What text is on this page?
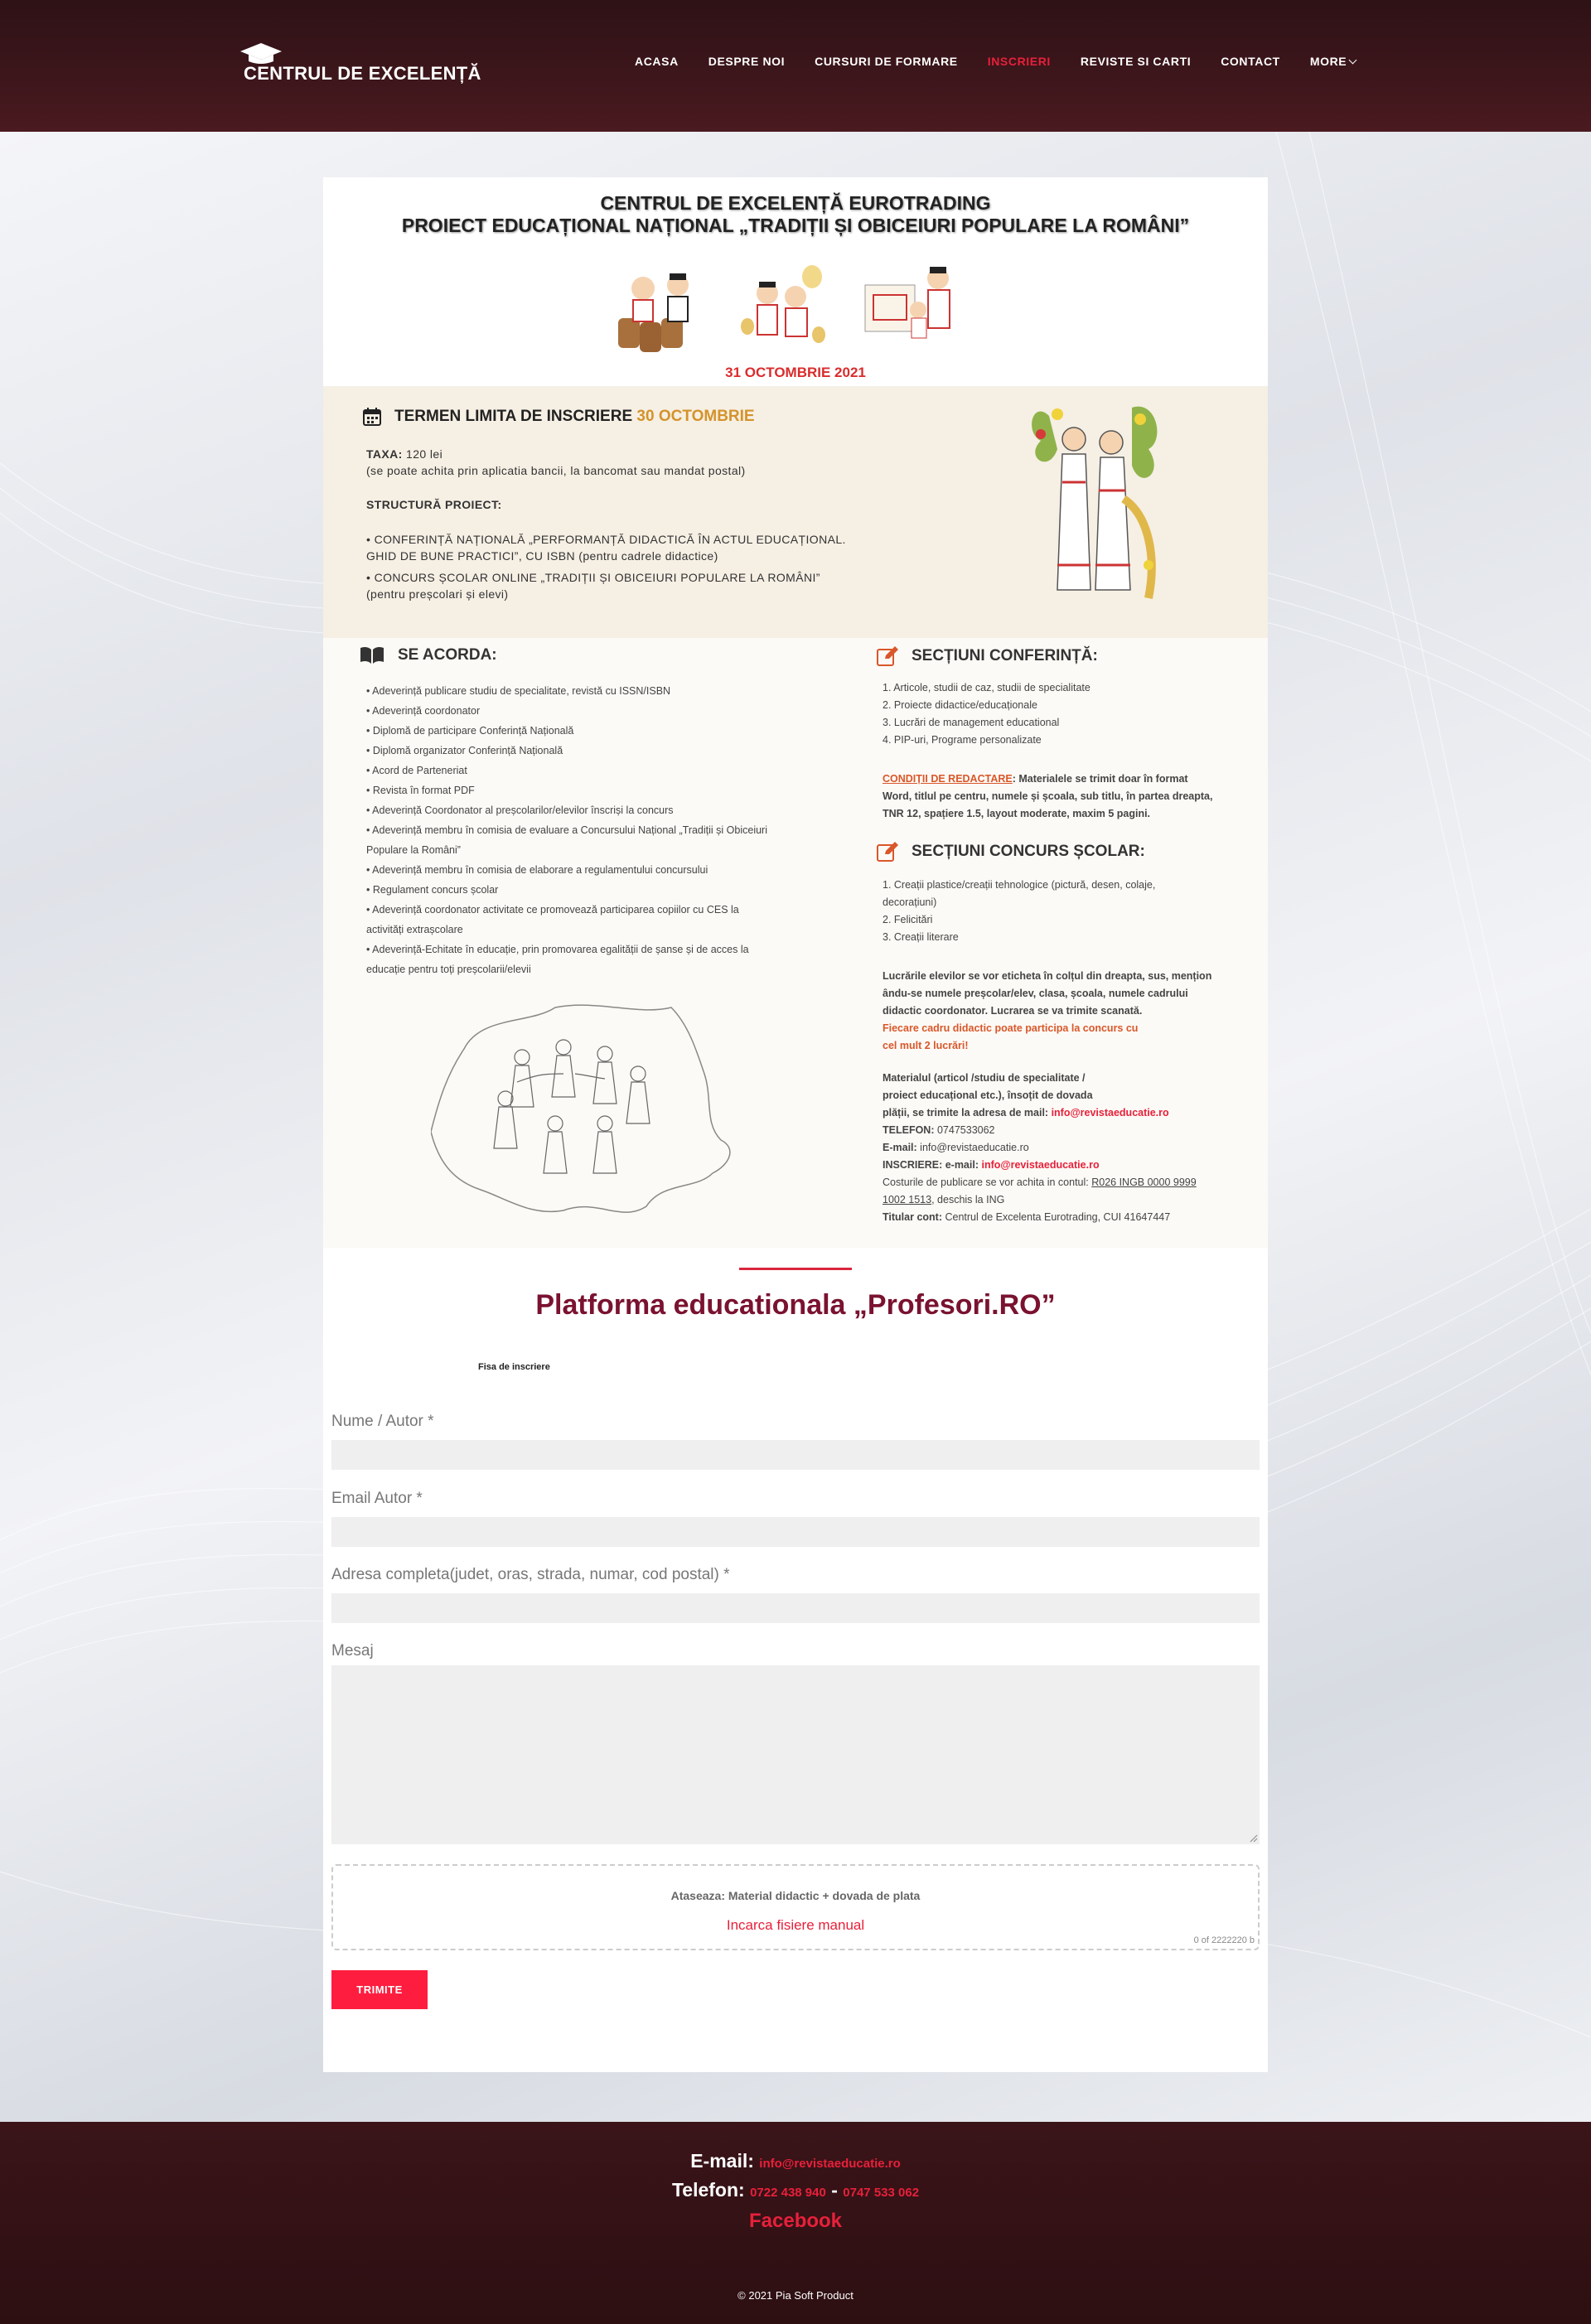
CENTRUL DE EXCELENȚĂ
ACASA	DESPRE NOI	CURSURI DE FORMARE	INSCRIERI	REVISTE SI CARTI	CONTACT	MORE
CENTRUL DE EXCELENȚĂ EUROTRADING
PROIECT EDUCAȚIONAL NAȚIONAL „TRADIȚII ȘI OBICEIURI POPULARE LA ROMÂNI”
31 OCTOMBRIE 2021
TERMEN LIMITA DE INSCRIERE 30 OCTOMBRIE
TAXA: 120 lei
(se poate achita prin aplicatia bancii, la bancomat sau mandat postal)
STRUCTURĂ PROIECT:
• CONFERINȚĂ NAȚIONALĂ „PERFORMANȚĂ DIDACTICĂ ÎN ACTUL EDUCAȚIONAL.
GHID DE BUNE PRACTICI”, CU ISBN (pentru cadrele didactice)
• CONCURS ȘCOLAR ONLINE „TRADIȚII ȘI OBICEIURI POPULARE LA ROMÂNI”
(pentru preșcolari și elevi)
SE ACORDA:
• Adeverință publicare studiu de specialitate, revistă cu ISSN/ISBN
• Adeverință coordonator
• Diplomă de participare Conferință Națională
• Diplomă organizator Conferință Națională
• Acord de Parteneriat
• Revista în format PDF
• Adeverință Coordonator al preșcolarilor/elevilor înscriși la concurs
• Adeverință membru în comisia de evaluare a Concursului Național „Tradiții și Obiceiuri
Populare la Români”
• Adeverință membru în comisia de elaborare a regulamentului concursului
• Regulament concurs școlar
• Adeverință coordonator activitate ce promovează participarea copiilor cu CES la
activități extrașcolare
• Adeverință-Echitate în educație, prin promovarea egalității de șanse și de acces la
educație pentru toți preșcolarii/elevii
SECȚIUNI CONFERINȚĂ:
1. Articole, studii de caz, studii de specialitate
2. Proiecte didactice/educaționale
3. Lucrări de management educational
4. PIP-uri, Programe personalizate
CONDIȚII DE REDACTARE: Materialele se trimit doar în format
Word, titlul pe centru, numele și școala, sub titlu, în partea dreapta,
TNR 12, spațiere 1.5, layout moderate, maxim 5 pagini.
SECȚIUNI CONCURS ȘCOLAR:
1. Creații plastice/creații tehnologice (pictură, desen, colaje,
decorațiuni)
2. Felicitări
3. Creații literare
Lucrările elevilor se vor eticheta în colțul din dreapta, sus, mențion
ându-se numele preșcolar/elev, clasa, școala, numele cadrului
didactic coordonator. Lucrarea se va trimite scanată.
Fiecare cadru didactic poate participa la concurs cu
cel mult 2 lucrări!
Materialul (articol /studiu de specialitate /
proiect educațional etc.), însoțit de dovada
plății, se trimite la adresa de mail: info@revistaeducatie.ro
TELEFON: 0747533062
E-mail: info@revistaeducatie.ro
INSCRIERE: e-mail: info@revistaeducatie.ro
Costurile de publicare se vor achita in contul: R026 INGB 0000 9999
1002 1513, deschis la ING
Titular cont: Centrul de Excelenta Eurotrading, CUI 41647447
Platforma educationala „Profesori.RO”
Fisa de inscriere
Nume / Autor *
Email Autor *
Adresa completa(judet, oras, strada, numar, cod postal) *
Mesaj
Ataseaza: Material didactic + dovada de plata
Incarca fisiere manual
0 of 2222220 b
TRIMITE
E-mail: info@revistaeducatie.ro
Telefon: 0722 438 940 - 0747 533 062
Facebook
© 2021 Pia Soft Product
